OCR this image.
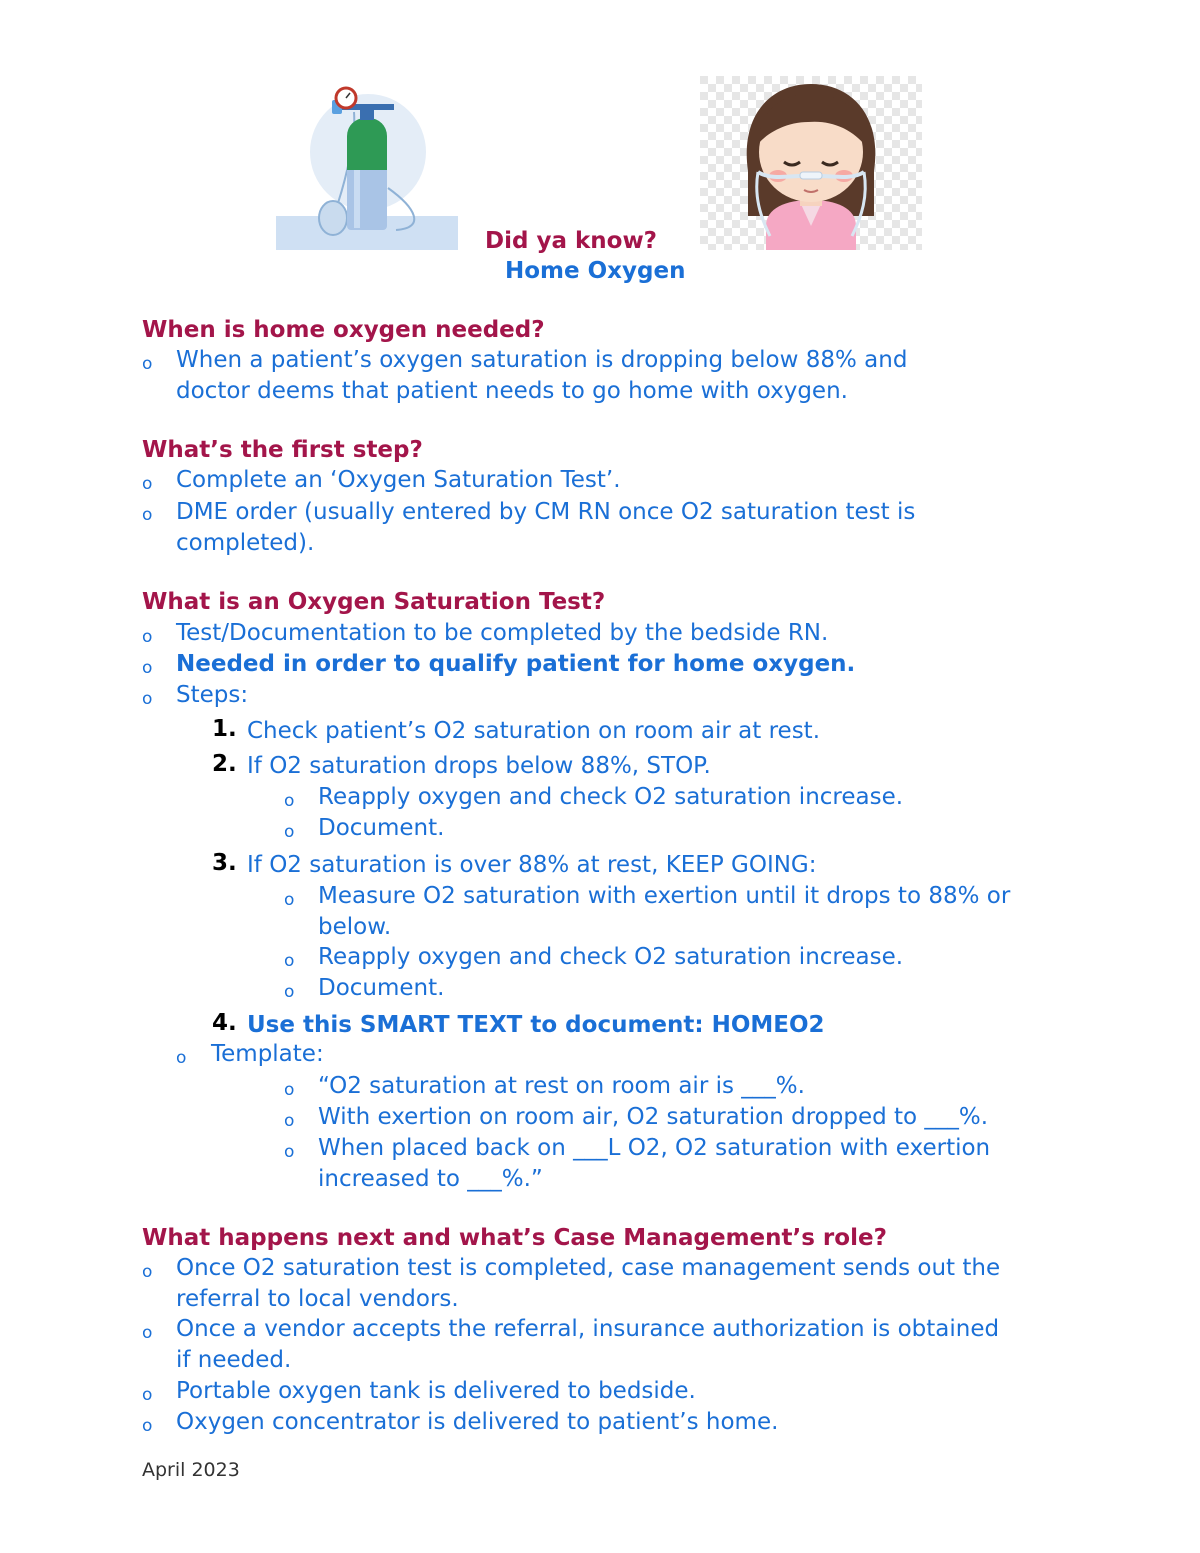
Did ya know?
Home Oxygen
When is home oxygen needed?
o When a patient’s oxygen saturation is dropping below 88% and
doctor deems that patient needs to go home with oxygen.
What’s the first step?
o Complete an ‘Oxygen Saturation Test’.
o DME order (usually entered by CM RN once O2 saturation test is
completed).
What is an Oxygen Saturation Test?
o Test/Documentation to be completed by the bedside RN.
o Needed in order to qualify patient for home oxygen.
o Steps:
1. Check patient’s O2 saturation on room air at rest.
2. If O2 saturation drops below 88%, STOP.
o Reapply oxygen and check O2 saturation increase.
o Document.
3. If O2 saturation is over 88% at rest, KEEP GOING:
o Measure O2 saturation with exertion until it drops to 88% or
below.
o Reapply oxygen and check O2 saturation increase.
o Document.
4. Use this SMART TEXT to document: HOMEO2
o Template:
o “O2 saturation at rest on room air is ___%.
o With exertion on room air, O2 saturation dropped to ___%.
o When placed back on ___L O2, O2 saturation with exertion
increased to ___%.”
What happens next and what’s Case Management’s role?
o Once O2 saturation test is completed, case management sends out the
referral to local vendors.
o Once a vendor accepts the referral, insurance authorization is obtained
if needed.
o Portable oxygen tank is delivered to bedside.
o Oxygen concentrator is delivered to patient’s home.
April 2023
